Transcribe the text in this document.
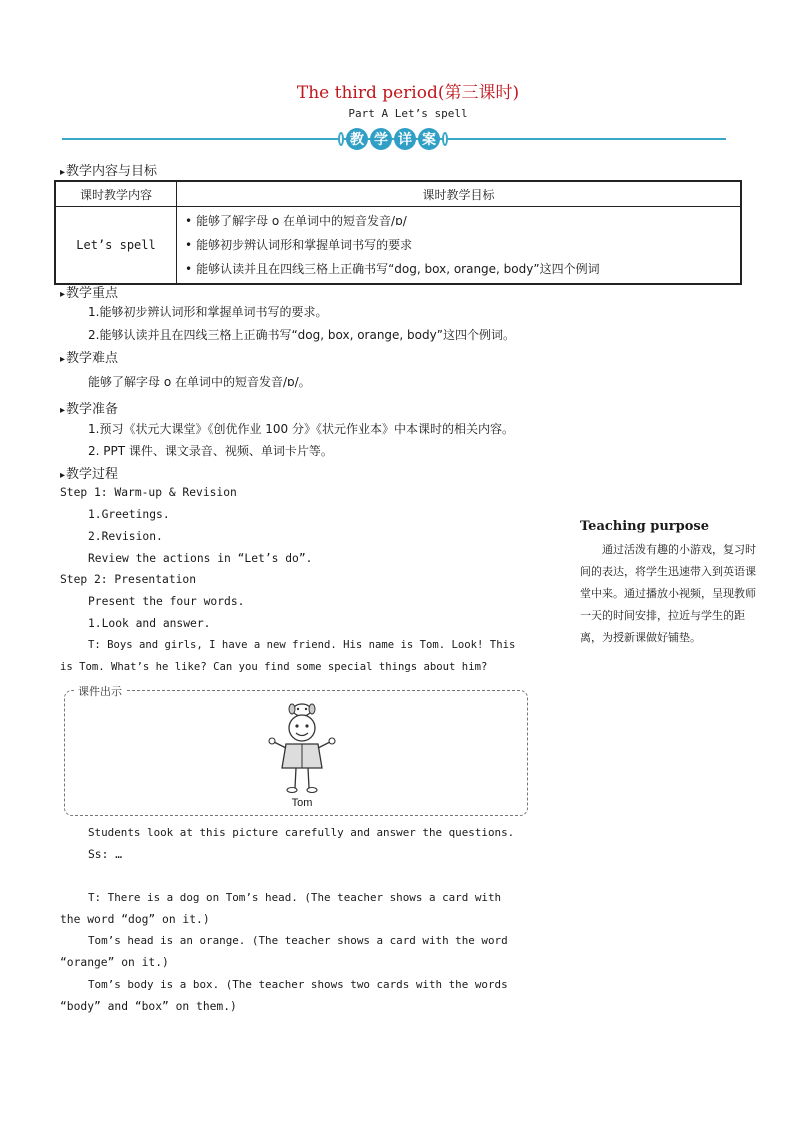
The third period(第三课时)
Part A Let’s spell
教 学 详 案
▸ 教学内容与目标
课时教学内容	课时教学目标
Let’s spell	• 能够了解字母 o 在单词中的短音发音/ɒ/
• 能够初步辨认词形和掌握单词书写的要求
• 能够认读并且在四线三格上正确书写“dog, box, orange, body”这四个例词
▸ 教学重点
1.能够初步辨认词形和掌握单词书写的要求。
2.能够认读并且在四线三格上正确书写“dog, box, orange, body”这四个例词。
▸ 教学难点
能够了解字母 o 在单词中的短音发音/ɒ/。
▸ 教学准备
1.预习《状元大课堂》《创优作业 100 分》《状元作业本》中本课时的相关内容。
2. PPT 课件、课文录音、视频、单词卡片等。
▸ 教学过程
Step 1: Warm-up & Revision
1.Greetings.
2.Revision.
Review the actions in “Let’s do”.
Step 2: Presentation
Present the four words.
1.Look and answer.
T: Boys and girls, I have a new friend. His name is Tom. Look! This
is Tom. What’s he like? Can you find some special things about him?
课件出示
Tom
Students look at this picture carefully and answer the questions.
Ss: …
T: There is a dog on Tom’s head. (The teacher shows a card with
the word “dog” on it.)
Tom’s head is an orange. (The teacher shows a card with the word
“orange” on it.)
Tom’s body is a box. (The teacher shows two cards with the words
“body” and “box” on them.)
Teaching purpose
通过活泼有趣的小游戏，复习时间的表达，将学生迅速带入到英语课堂中来。通过播放小视频，呈现教师一天的时间安排，拉近与学生的距离，为授新课做好铺垫。
